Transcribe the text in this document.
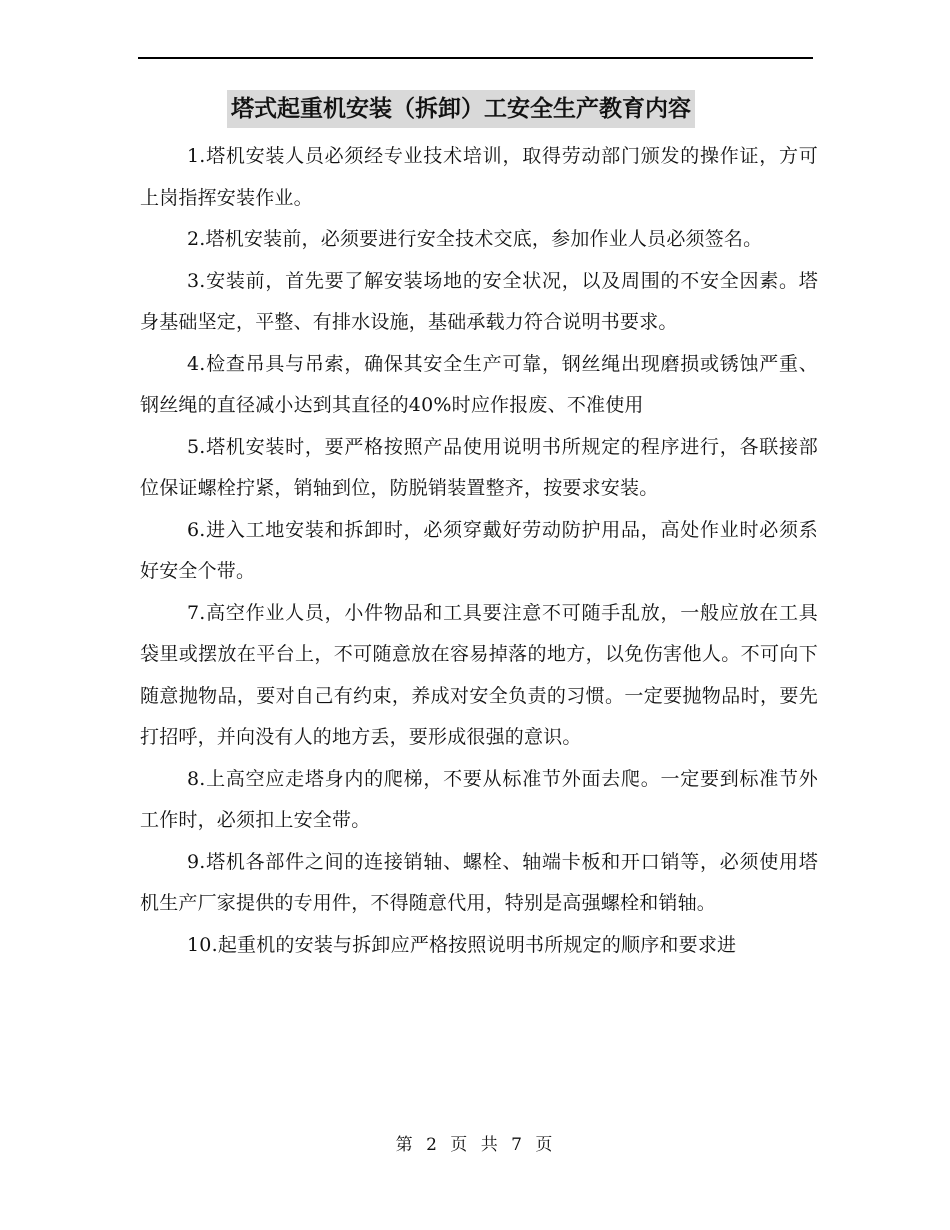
塔式起重机安装（拆卸）工安全生产教育内容

1.塔机安装人员必须经专业技术培训，取得劳动部门颁发的操作证，方可上岗指挥安装作业。

2.塔机安装前，必须要进行安全技术交底，参加作业人员必须签名。

3.安装前，首先要了解安装场地的安全状况，以及周围的不安全因素。塔身基础坚定，平整、有排水设施，基础承载力符合说明书要求。

4.检查吊具与吊索，确保其安全生产可靠，钢丝绳出现磨损或锈蚀严重、钢丝绳的直径减小达到其直径的40%时应作报废、不准使用

5.塔机安装时，要严格按照产品使用说明书所规定的程序进行，各联接部位保证螺栓拧紧，销轴到位，防脱销装置整齐，按要求安装。

6.进入工地安装和拆卸时，必须穿戴好劳动防护用品，高处作业时必须系好安全个带。

7.高空作业人员，小件物品和工具要注意不可随手乱放，一般应放在工具袋里或摆放在平台上，不可随意放在容易掉落的地方，以免伤害他人。不可向下随意抛物品，要对自己有约束，养成对安全负责的习惯。一定要抛物品时，要先打招呼，并向没有人的地方丢，要形成很强的意识。

8.上高空应走塔身内的爬梯，不要从标准节外面去爬。一定要到标准节外工作时，必须扣上安全带。

9.塔机各部件之间的连接销轴、螺栓、轴端卡板和开口销等，必须使用塔机生产厂家提供的专用件，不得随意代用，特别是高强螺栓和销轴。

10.起重机的安装与拆卸应严格按照说明书所规定的顺序和要求进

第 2 页 共 7 页
